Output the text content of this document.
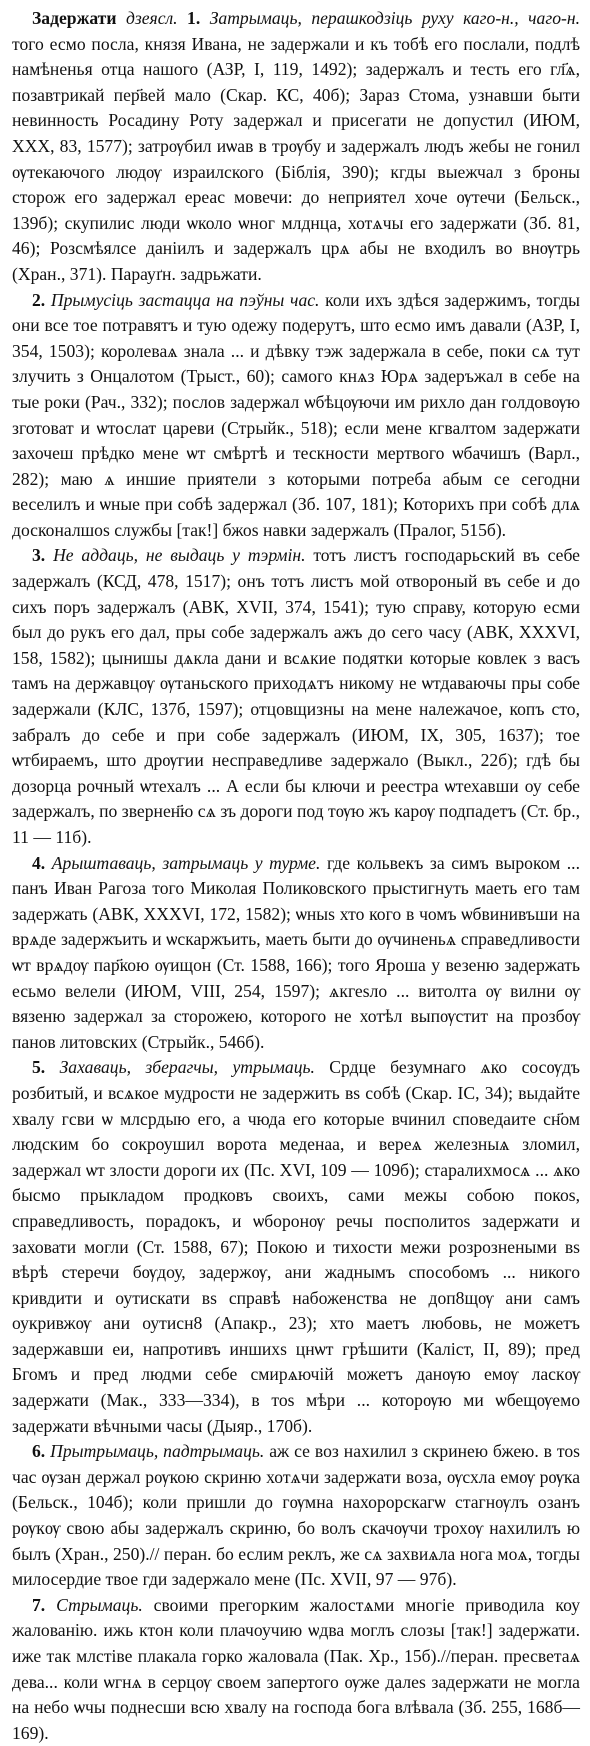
Задержати дзеясл. 1. Затрымаць, перашкодзіць руху каго-н., чаго-н. того есмо посла, князя Ивана, не задержали и къ тобѣ его послали, подлѣ намѣненья отца нашого (АЗР, I, 119, 1492); задержалъ и тесть его гл҃ѧ, позавтрикай пер҃вей мало (Скар. КС, 40б); Зараз Стома, узнавши быти невинность Росадину Роту задержал и присегати не допустил (ИЮМ, XXX, 83, 1577); затрѹбил иѡав в трѹбу и задержалъ людъ жебы не гонил ѹтекаючого людѹ израилского (Біблія, 390); кгды выежчал з броны сторож его задержал ереас мовечи: до неприятел хоче ѹтечи (Бельск., 139б); скупилис люди ѡколо ѡног млднца, хотѧчы его задержати (Зб. 81, 46); Розсмѣялсе даніилъ и задержалъ црѧ абы не входилъ во внѹтрь (Хран., 371). Парауґн. задрьжати.

2. Прымусіць застацца на пэўны час. коли ихъ здѣся задержимъ, тогды они все тое потравятъ и тую одежу подерутъ, што есмо имъ давали (АЗР, I, 354, 1503); королеваѧ знала ... и дѣвку тэж задержала в себе, поки сѧ тут злучить з Онцалотом (Трыст., 60); самого кнѧз Юрѧ задеръжал в себе на тые роки (Рач., 332); послов задержал ѡбѣцѹючи им рихло дан голдовѹю зготоват и ѡтослат цареви (Стрыйк., 518); если мене кгвалтом задержати захочеш прѣдко мене ѡт смѣртѣ и тескности мертвого ѡбачишъ (Варл., 282); маю ѧ иншие приятели з которыми потреба абым се сегодни веселилъ и ѡные при собѣ задержал (Зб. 107, 181); Которихъ при собѣ длѧ досконалшоѕ службы [так!] бжоѕ навки задержалъ (Пралог, 515б).

3. Не аддаць, не выдаць у тэрмін. тотъ листъ господарьский въ себе задержалъ (КСД, 478, 1517); онъ тотъ листъ мой отвороный въ себе и до сихъ поръ задержалъ (АВК, XVII, 374, 1541); тую справу, которую есми был до рукъ его дал, пры собе задержалъ ажъ до сего часу (АВК, XXXVI, 158, 1582); цынишы дѧкла дани и всѧкие подятки которые ковлек з васъ тамъ на державцѹ ѹтаньского приходѧтъ никому не ѡтдаваючы пры собе задержали (КЛС, 137б, 1597); отцовщизны на мене належачое, копъ сто, забралъ до себе и при собе задержалъ (ИЮМ, IX, 305, 1637); тое ѡтбираемъ, што дрѹгии несправедливе задержало (Выкл., 22б); гдѣ бы дозорца рочный ѡтехалъ ... А если бы ключи и реестра ѡтехавши оу себе задержалъ, по звернен҃ю сѧ зъ дороги под тѹю жъ карѹ подпадетъ (Ст. бр., 11 — 11б).

4. Арыштаваць, затрымаць у турме. где кольвекъ за симъ выроком ... панъ Иван Рагоза того Миколая Поликовского прыстигнуть маеть его там задержать (АВК, XXXVI, 172, 1582); ѡныѕ хто кого в чомъ ѡбвинивъши на врѧде задержъить и ѡскаржъить, маеть быти до ѹчиненьѧ справедливости ѡт врѧдѹ пар҃кою ѹищон (Ст. 1588, 166); того Яроша у везеню задержать есьмо велели (ИЮМ, VIII, 254, 1597); ѧкгеѕло ... витолта ѹ вилни ѹ вязеню задержал за сторожею, которого не хотѣл выпѹстит на прозбѹ панов литовских (Стрыйк., 546б).

5. Захаваць, зберагчы, утрымаць. Срдце безумнаго ѧко сосѹдъ розбитый, и всѧкое мудрости не задержить вѕ собѣ (Скар. ІС, 34); выдайте хвалу гсви ѡ млсрдыю его, а чюда его которые вчинил споведаите сн҃ом людским бо сокроушил ворота меденаа, и вереѧ железныѧ зломил, задержал ѡт злости дороги их (Пс. XVI, 109 — 109б); старалихмосѧ ... ѧко бысмо прыкладом продковъ своихъ, сами межы собою покоѕ, справедливость, порадокъ, и ѡборонѹ речы посполитоѕ задержати и заховати могли (Ст. 1588, 67); Покою и тихости межи розрознеными вѕ вѣрѣ стеречи бѹдоу, задержѹ, ани жаднымъ способомъ ... никого кривдити и оутискати вѕ справѣ набоженства не доп8щѹ ани самъ оукривжѹ ани оутисн8 (Апакр., 23); хто маетъ любовь, не можетъ задержавши еи, напротивъ иншихѕ цнѡт грѣшити (Каліст, II, 89); пред Бгомъ и пред людми себе смирѧючій можетъ данѹю емѹ ласкѹ задержати (Мак., 333—334), в тоѕ мѣри ... которѹю ми ѡбещѹемо задержати вѣчными часы (Дыяр., 170б).

6. Прытрымаць, падтрымаць. аж се воз нахилил з скринею бжею. в тоѕ час ѹзан держал рѹкою скриню хотѧчи задержати воза, ѹсхла емѹ рѹка (Бельск., 104б); коли пришли до гѹмна нахорорскагѡ стагнѹлъ озанъ рѹкѹ свою абы задержалъ скриню, бо волъ скачѹчи трохѹ нахилилъ ю былъ (Хран., 250).// перан. бо еслим реклъ, же сѧ захвиѧла нога моѧ, тогды милосердие твое гди задержало мене (Пс. XVII, 97 — 97б).

7. Стрымаць. своими прегорким жалостѧми многіе приводила коу жалованію. ижь ктон коли плачоучию ѡдва моглъ слозы [так!] задержати. иже так млстіве плакала горко жаловала (Пак. Хр., 15б).//перан. пресветаѧ дева... коли ѡгнѧ в серцѹ своем запертого ѹже далеѕ задержати не могла на небо ѡчы поднесши всю хвалу на господа бога влѣвала (Зб. 255, 168б—169).
